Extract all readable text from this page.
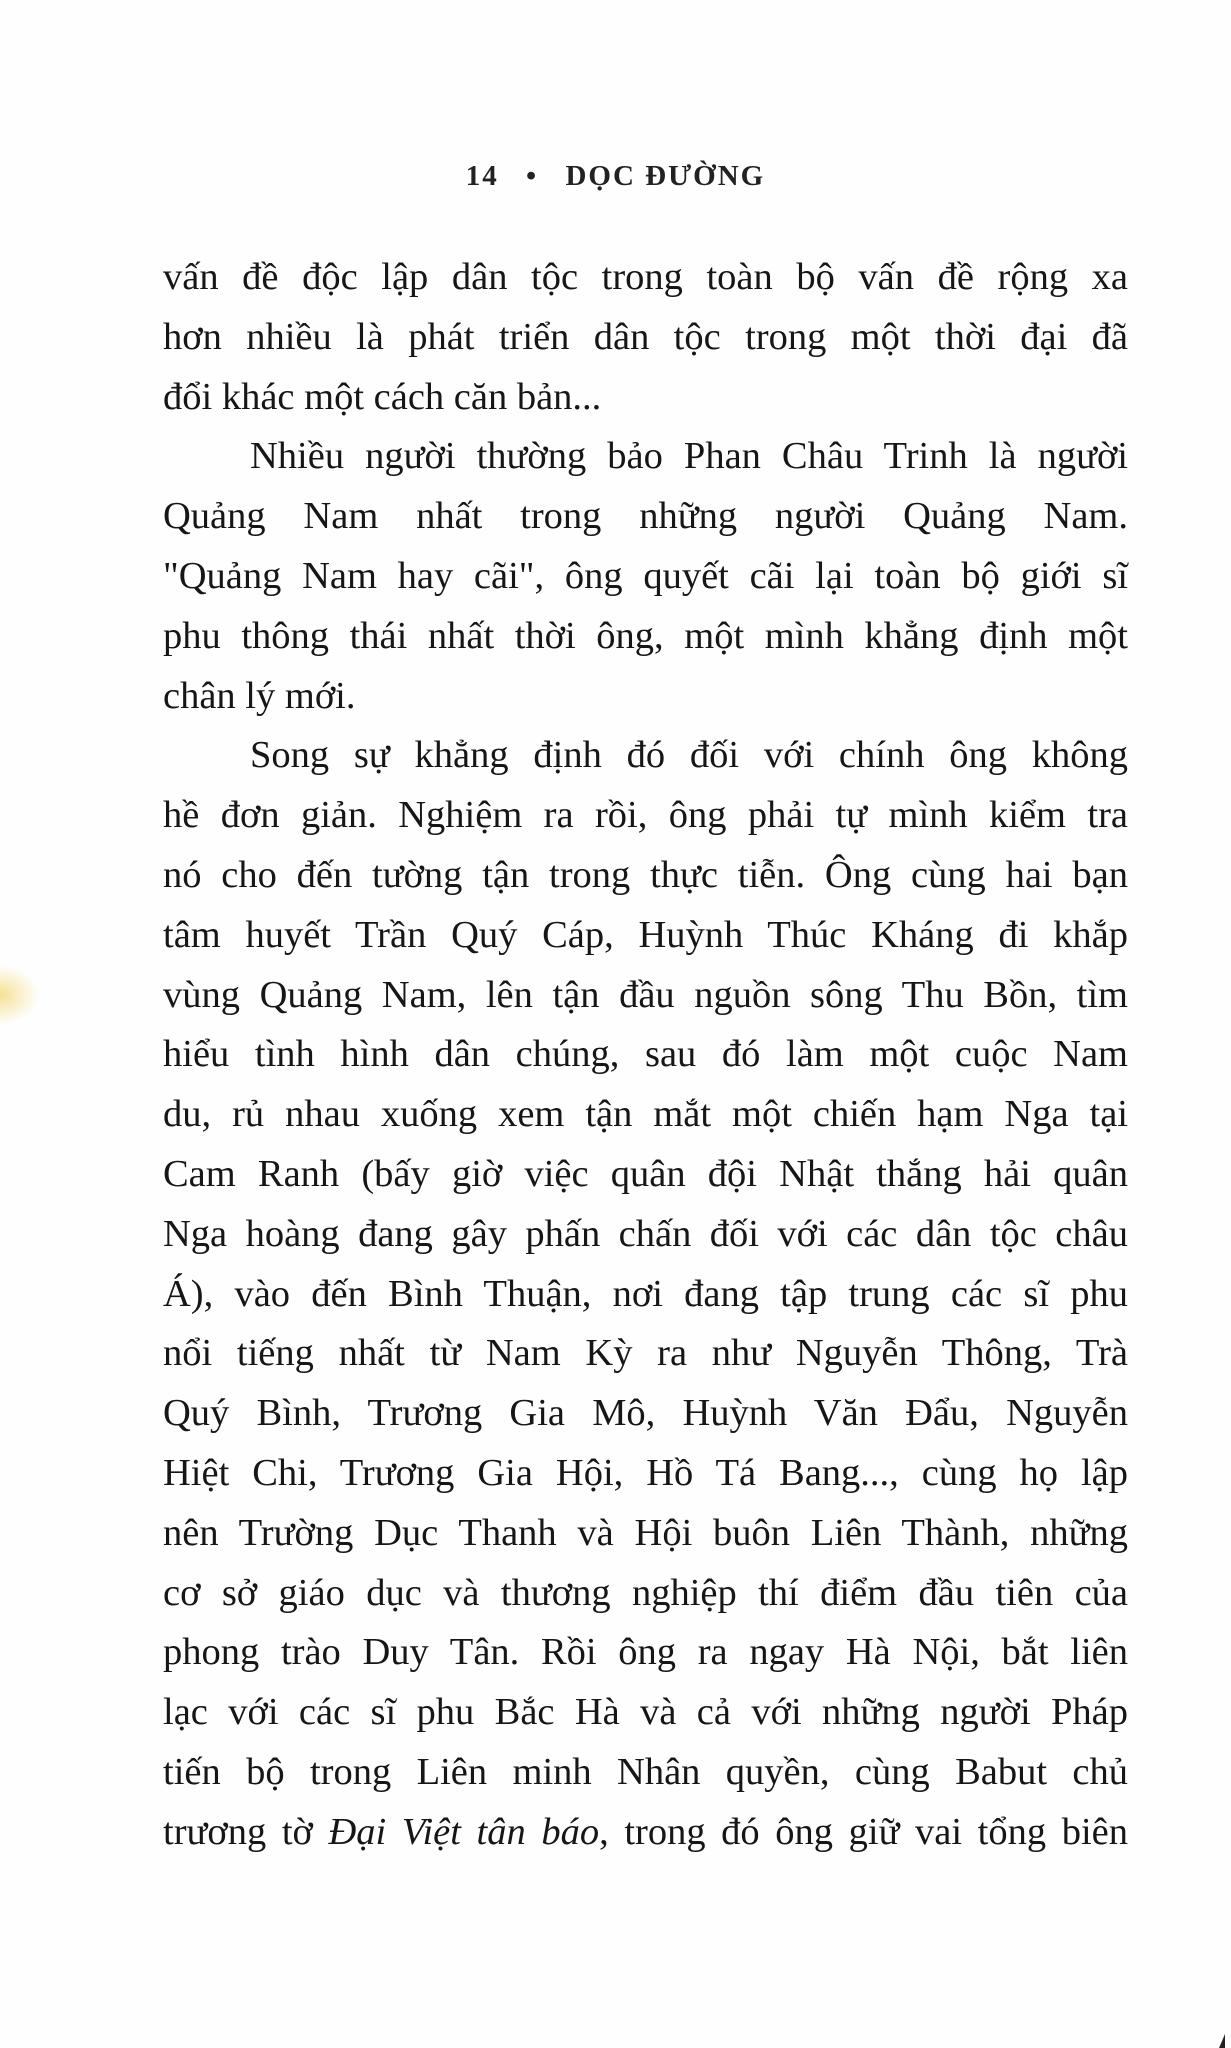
14 • DỌC ĐƯỜNG
vấn đề độc lập dân tộc trong toàn bộ vấn đề rộng xa
hơn nhiều là phát triển dân tộc trong một thời đại đã
đổi khác một cách căn bản...
Nhiều người thường bảo Phan Châu Trinh là người
Quảng Nam nhất trong những người Quảng Nam.
"Quảng Nam hay cãi", ông quyết cãi lại toàn bộ giới sĩ
phu thông thái nhất thời ông, một mình khẳng định một
chân lý mới.
Song sự khẳng định đó đối với chính ông không
hề đơn giản. Nghiệm ra rồi, ông phải tự mình kiểm tra
nó cho đến tường tận trong thực tiễn. Ông cùng hai bạn
tâm huyết Trần Quý Cáp, Huỳnh Thúc Kháng đi khắp
vùng Quảng Nam, lên tận đầu nguồn sông Thu Bồn, tìm
hiểu tình hình dân chúng, sau đó làm một cuộc Nam
du, rủ nhau xuống xem tận mắt một chiến hạm Nga tại
Cam Ranh (bấy giờ việc quân đội Nhật thắng hải quân
Nga hoàng đang gây phấn chấn đối với các dân tộc châu
Á), vào đến Bình Thuận, nơi đang tập trung các sĩ phu
nổi tiếng nhất từ Nam Kỳ ra như Nguyễn Thông, Trà
Quý Bình, Trương Gia Mô, Huỳnh Văn Đẩu, Nguyễn
Hiệt Chi, Trương Gia Hội, Hồ Tá Bang..., cùng họ lập
nên Trường Dục Thanh và Hội buôn Liên Thành, những
cơ sở giáo dục và thương nghiệp thí điểm đầu tiên của
phong trào Duy Tân. Rồi ông ra ngay Hà Nội, bắt liên
lạc với các sĩ phu Bắc Hà và cả với những người Pháp
tiến bộ trong Liên minh Nhân quyền, cùng Babut chủ
trương tờ Đại Việt tân báo, trong đó ông giữ vai tổng biên
